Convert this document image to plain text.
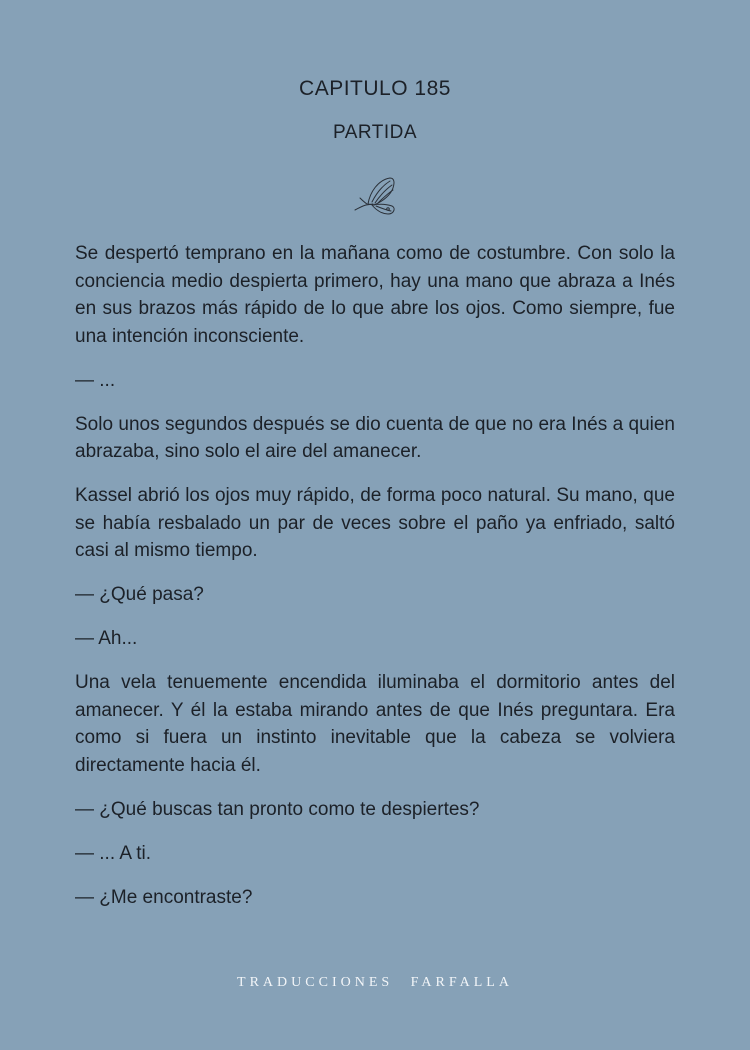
CAPITULO 185
PARTIDA

Se despertó temprano en la mañana como de costumbre. Con solo la conciencia medio despierta primero, hay una mano que abraza a Inés en sus brazos más rápido de lo que abre los ojos. Como siempre, fue una intención inconsciente.

— ...

Solo unos segundos después se dio cuenta de que no era Inés a quien abrazaba, sino solo el aire del amanecer.

Kassel abrió los ojos muy rápido, de forma poco natural. Su mano, que se había resbalado un par de veces sobre el paño ya enfriado, saltó casi al mismo tiempo.

— ¿Qué pasa?

— Ah...

Una vela tenuemente encendida iluminaba el dormitorio antes del amanecer. Y él la estaba mirando antes de que Inés preguntara. Era como si fuera un instinto inevitable que la cabeza se volviera directamente hacia él.

— ¿Qué buscas tan pronto como te despiertes?

— ... A ti.

— ¿Me encontraste?

TRADUCCIONES FARFALLA
